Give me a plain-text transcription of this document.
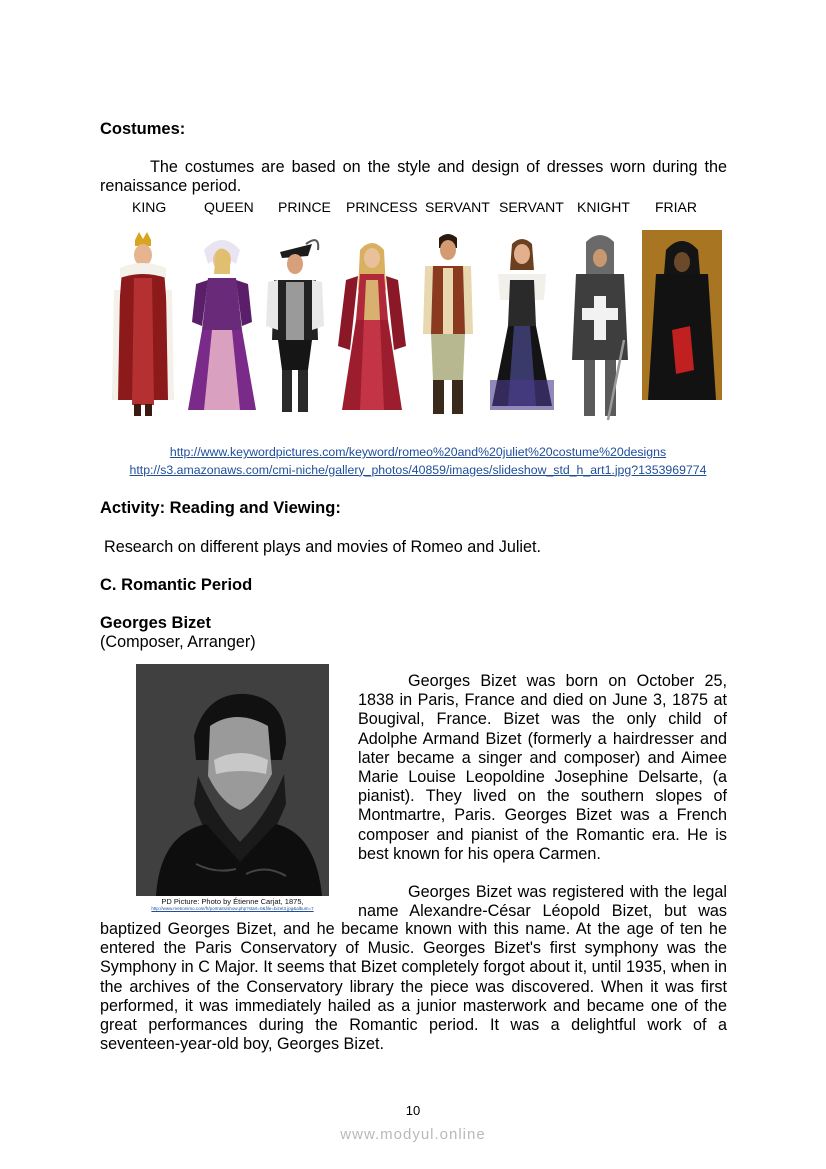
Costumes:
The costumes are based on the style and design of dresses worn during the renaissance period.
KING	QUEEN PRINCE PRINCESS SERVANT SERVANT KNIGHT FRIAR
http://www.keywordpictures.com/keyword/romeo%20and%20juliet%20costume%20designs
http://s3.amazonaws.com/cmi-niche/gallery_photos/40859/images/slideshow_std_h_art1.jpg?1353969774
Activity: Reading and Viewing:
Research on different plays and movies of Romeo and Juliet.
C. Romantic Period
Georges Bizet
(Composer, Arranger)
PD Picture: Photo by Étienne Carjat, 1875,
http://www.metronimo.com/fr/portraits/show.php?start=0&file=bizet3.jpg&album=7

Georges Bizet was born on October 25, 1838 in Paris, France and died on June 3, 1875 at Bougival, France. Bizet was the only child of Adolphe Armand Bizet (formerly a hairdresser and later became a singer and composer) and Aimee Marie Louise Leopoldine Josephine Delsarte, (a pianist). They lived on the southern slopes of Montmartre, Paris. Georges Bizet was a French composer and pianist of the Romantic era. He is best known for his opera Carmen.

Georges Bizet was registered with the legal name Alexandre-César Léopold Bizet, but was

baptized Georges Bizet, and he became known with this name. At the age of ten he entered the Paris Conservatory of Music. Georges Bizet's first symphony was the Symphony in C Major. It seems that Bizet completely forgot about it, until 1935, when in the archives of the Conservatory library the piece was discovered. When it was first performed, it was immediately hailed as a junior masterwork and became one of the great performances during the Romantic period. It was a delightful work of a seventeen-year-old boy, Georges Bizet.
10
www.modyul.online
